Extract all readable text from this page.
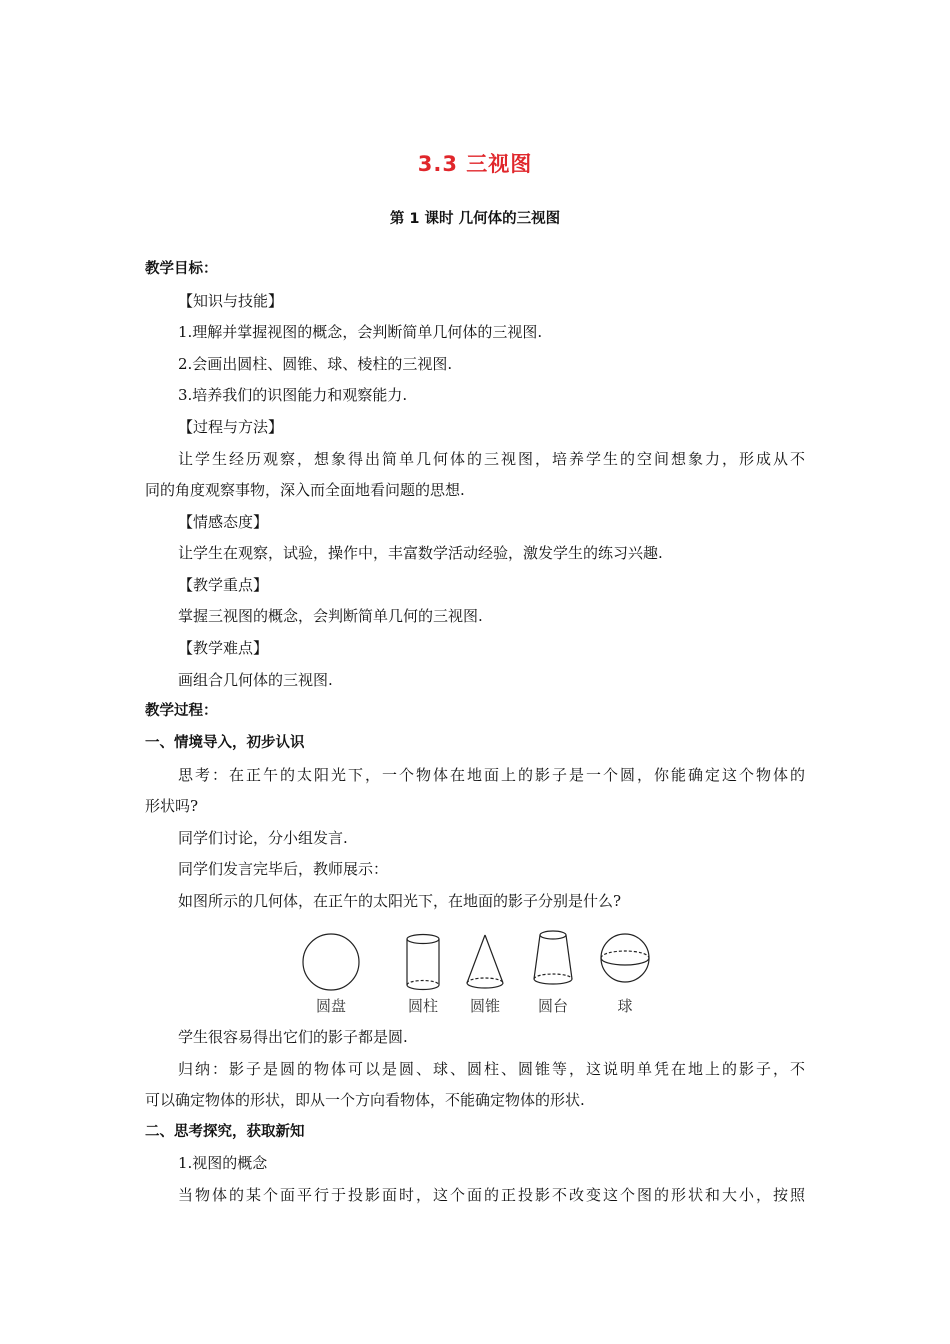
3.3 三视图
第 1 课时 几何体的三视图
教学目标：
【知识与技能】
1.理解并掌握视图的概念，会判断简单几何体的三视图.
2.会画出圆柱、圆锥、球、棱柱的三视图.
3.培养我们的识图能力和观察能力.
【过程与方法】
让学生经历观察，想象得出简单几何体的三视图，培养学生的空间想象力，形成从不
同的角度观察事物，深入而全面地看问题的思想.
【情感态度】
让学生在观察，试验，操作中，丰富数学活动经验，激发学生的练习兴趣.
【教学重点】
掌握三视图的概念，会判断简单几何的三视图.
【教学难点】
画组合几何体的三视图.
教学过程：
一、情境导入，初步认识
思考：在正午的太阳光下，一个物体在地面上的影子是一个圆，你能确定这个物体的
形状吗?
同学们讨论，分小组发言.
同学们发言完毕后，教师展示：
如图所示的几何体，在正午的太阳光下，在地面的影子分别是什么?
圆盘	圆柱 圆锥	圆台	球
学生很容易得出它们的影子都是圆.
归纳：影子是圆的物体可以是圆、球、圆柱、圆锥等，这说明单凭在地上的影子，不
可以确定物体的形状，即从一个方向看物体，不能确定物体的形状.
二、思考探究，获取新知
1.视图的概念
当物体的某个面平行于投影面时，这个面的正投影不改变这个图的形状和大小，按照
